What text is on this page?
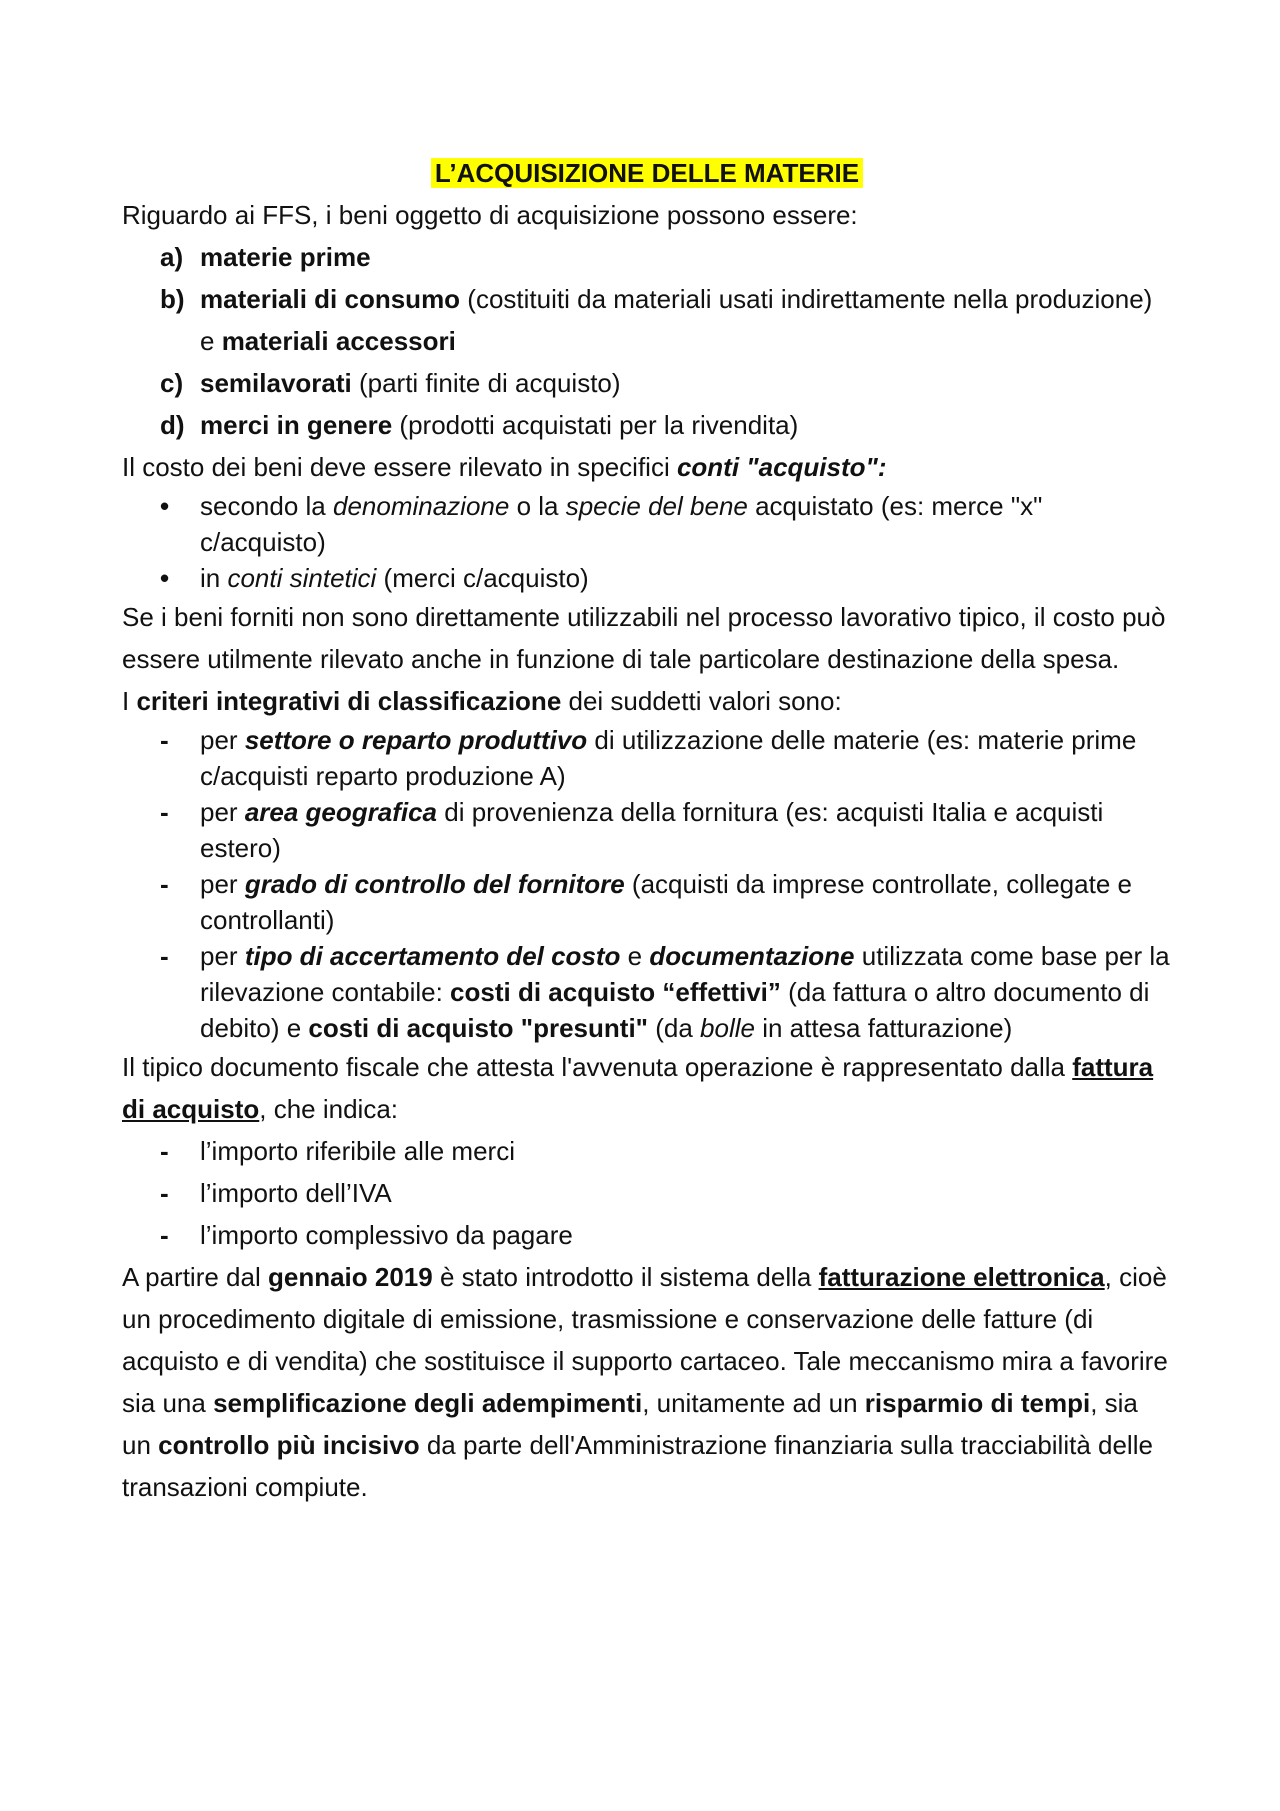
L’ACQUISIZIONE DELLE MATERIE

Riguardo ai FFS, i beni oggetto di acquisizione possono essere:

a) materie prime
b) materiali di consumo (costituiti da materiali usati indirettamente nella produzione) e materiali accessori
c) semilavorati (parti finite di acquisto)
d) merci in genere (prodotti acquistati per la rivendita)

Il costo dei beni deve essere rilevato in specifici conti "acquisto":

• secondo la denominazione o la specie del bene acquistato (es: merce "x" c/acquisto)
• in conti sintetici (merci c/acquisto)

Se i beni forniti non sono direttamente utilizzabili nel processo lavorativo tipico, il costo può essere utilmente rilevato anche in funzione di tale particolare destinazione della spesa.

I criteri integrativi di classificazione dei suddetti valori sono:

- per settore o reparto produttivo di utilizzazione delle materie (es: materie prime c/acquisti reparto produzione A)
- per area geografica di provenienza della fornitura (es: acquisti Italia e acquisti estero)
- per grado di controllo del fornitore (acquisti da imprese controllate, collegate e controllanti)
- per tipo di accertamento del costo e documentazione utilizzata come base per la rilevazione contabile: costi di acquisto “effettivi” (da fattura o altro documento di debito) e costi di acquisto "presunti" (da bolle in attesa fatturazione)

Il tipico documento fiscale che attesta l'avvenuta operazione è rappresentato dalla fattura di acquisto, che indica:

- l’importo riferibile alle merci
- l’importo dell’IVA
- l’importo complessivo da pagare

A partire dal gennaio 2019 è stato introdotto il sistema della fatturazione elettronica, cioè un procedimento digitale di emissione, trasmissione e conservazione delle fatture (di acquisto e di vendita) che sostituisce il supporto cartaceo. Tale meccanismo mira a favorire sia una semplificazione degli adempimenti, unitamente ad un risparmio di tempi, sia un controllo più incisivo da parte dell'Amministrazione finanziaria sulla tracciabilità delle transazioni compiute.
